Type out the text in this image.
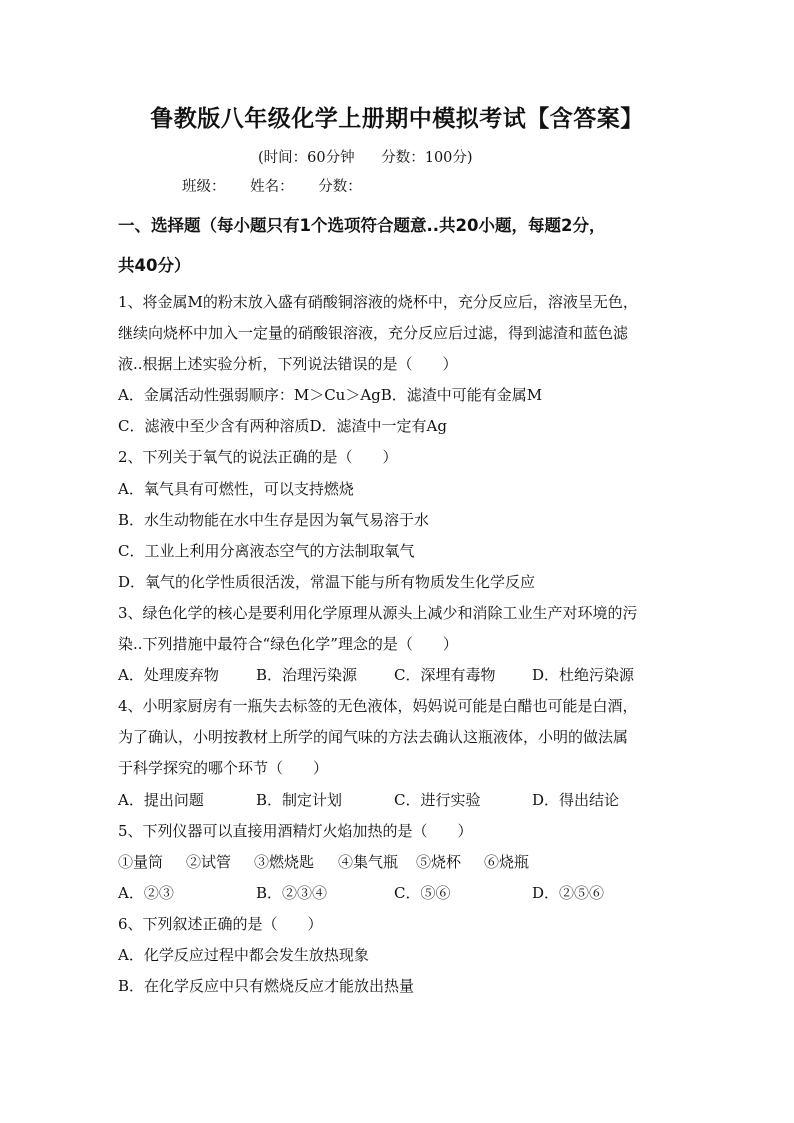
鲁教版八年级化学上册期中模拟考试【含答案】
(时间：60分钟 分数：100分)
班级： 姓名： 分数：
一、选择题（每小题只有1个选项符合题意..共20小题，每题2分，
共40分）
1、将金属M的粉末放入盛有硝酸铜溶液的烧杯中，充分反应后，溶液呈无色，
继续向烧杯中加入一定量的硝酸银溶液，充分反应后过滤，得到滤渣和蓝色滤
液..根据上述实验分析，下列说法错误的是（　　）
A．金属活动性强弱顺序：M＞Cu＞AgB．滤渣中可能有金属M
C．滤液中至少含有两种溶质D．滤渣中一定有Ag
2、下列关于氧气的说法正确的是（　　）
A．氧气具有可燃性，可以支持燃烧
B．水生动物能在水中生存是因为氧气易溶于水
C．工业上利用分离液态空气的方法制取氧气
D．氧气的化学性质很活泼，常温下能与所有物质发生化学反应
3、绿色化学的核心是要利用化学原理从源头上减少和消除工业生产对环境的污
染..下列措施中最符合“绿色化学”理念的是（　　）
A．处理废弃物 B．治理污染源 C．深埋有毒物 D．杜绝污染源
4、小明家厨房有一瓶失去标签的无色液体，妈妈说可能是白醋也可能是白酒，
为了确认，小明按教材上所学的闻气味的方法去确认这瓶液体，小明的做法属
于科学探究的哪个环节（　　）
A．提出问题	B．制定计划	C．进行实验	D．得出结论
5、下列仪器可以直接用酒精灯火焰加热的是（　　）
①量筒 ②试管 ③燃烧匙 ④集气瓶 ⑤烧杯 ⑥烧瓶
A．②③	B．②③④	C．⑤⑥	D．②⑤⑥
6、下列叙述正确的是（　　）
A．化学反应过程中都会发生放热现象
B．在化学反应中只有燃烧反应才能放出热量
